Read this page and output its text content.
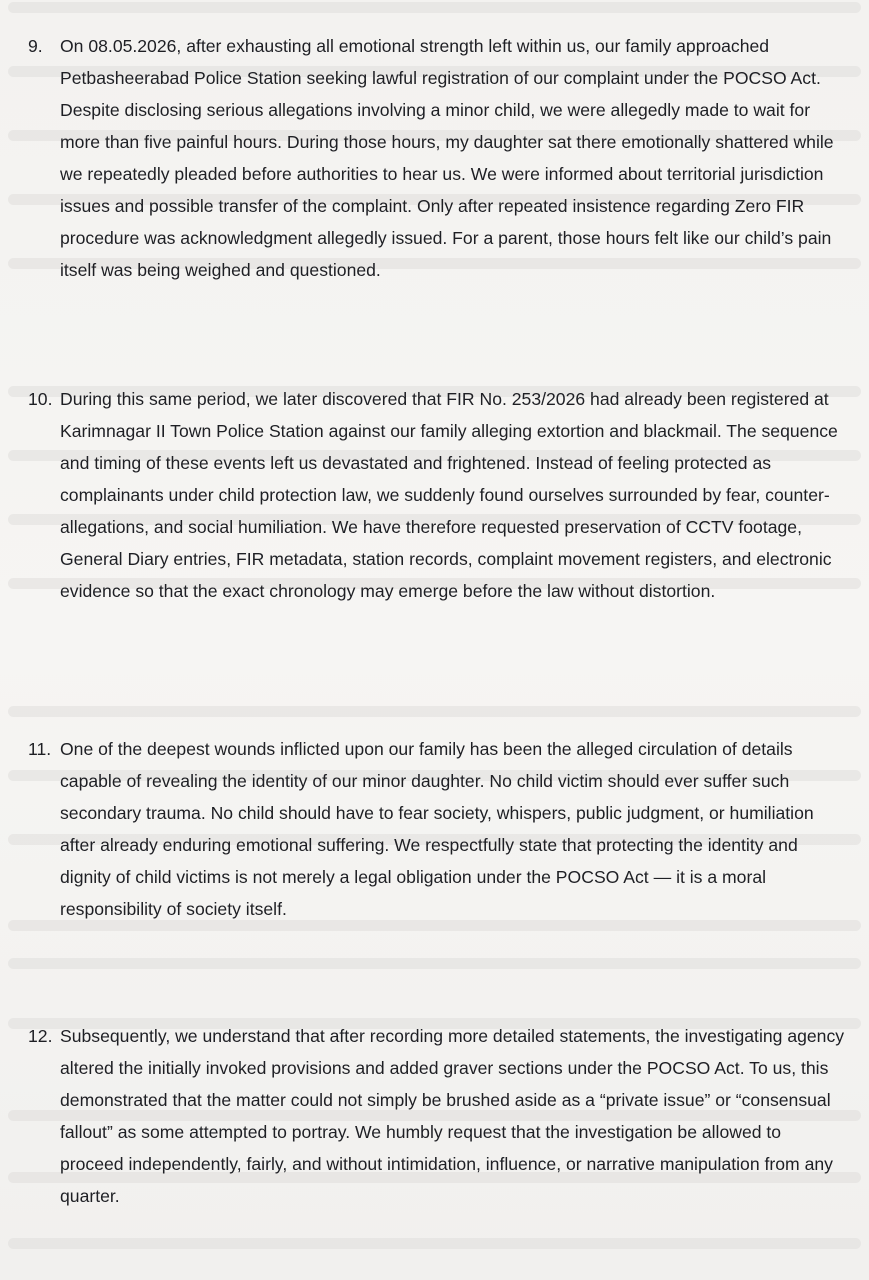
9. On 08.05.2026, after exhausting all emotional strength left within us, our family approached Petbasheerabad Police Station seeking lawful registration of our complaint under the POCSO Act. Despite disclosing serious allegations involving a minor child, we were allegedly made to wait for more than five painful hours. During those hours, my daughter sat there emotionally shattered while we repeatedly pleaded before authorities to hear us. We were informed about territorial jurisdiction issues and possible transfer of the complaint. Only after repeated insistence regarding Zero FIR procedure was acknowledgment allegedly issued. For a parent, those hours felt like our child’s pain itself was being weighed and questioned.
10. During this same period, we later discovered that FIR No. 253/2026 had already been registered at Karimnagar II Town Police Station against our family alleging extortion and blackmail. The sequence and timing of these events left us devastated and frightened. Instead of feeling protected as complainants under child protection law, we suddenly found ourselves surrounded by fear, counter-allegations, and social humiliation. We have therefore requested preservation of CCTV footage, General Diary entries, FIR metadata, station records, complaint movement registers, and electronic evidence so that the exact chronology may emerge before the law without distortion.
11. One of the deepest wounds inflicted upon our family has been the alleged circulation of details capable of revealing the identity of our minor daughter. No child victim should ever suffer such secondary trauma. No child should have to fear society, whispers, public judgment, or humiliation after already enduring emotional suffering. We respectfully state that protecting the identity and dignity of child victims is not merely a legal obligation under the POCSO Act — it is a moral responsibility of society itself.
12. Subsequently, we understand that after recording more detailed statements, the investigating agency altered the initially invoked provisions and added graver sections under the POCSO Act. To us, this demonstrated that the matter could not simply be brushed aside as a “private issue” or “consensual fallout” as some attempted to portray. We humbly request that the investigation be allowed to proceed independently, fairly, and without intimidation, influence, or narrative manipulation from any quarter.
